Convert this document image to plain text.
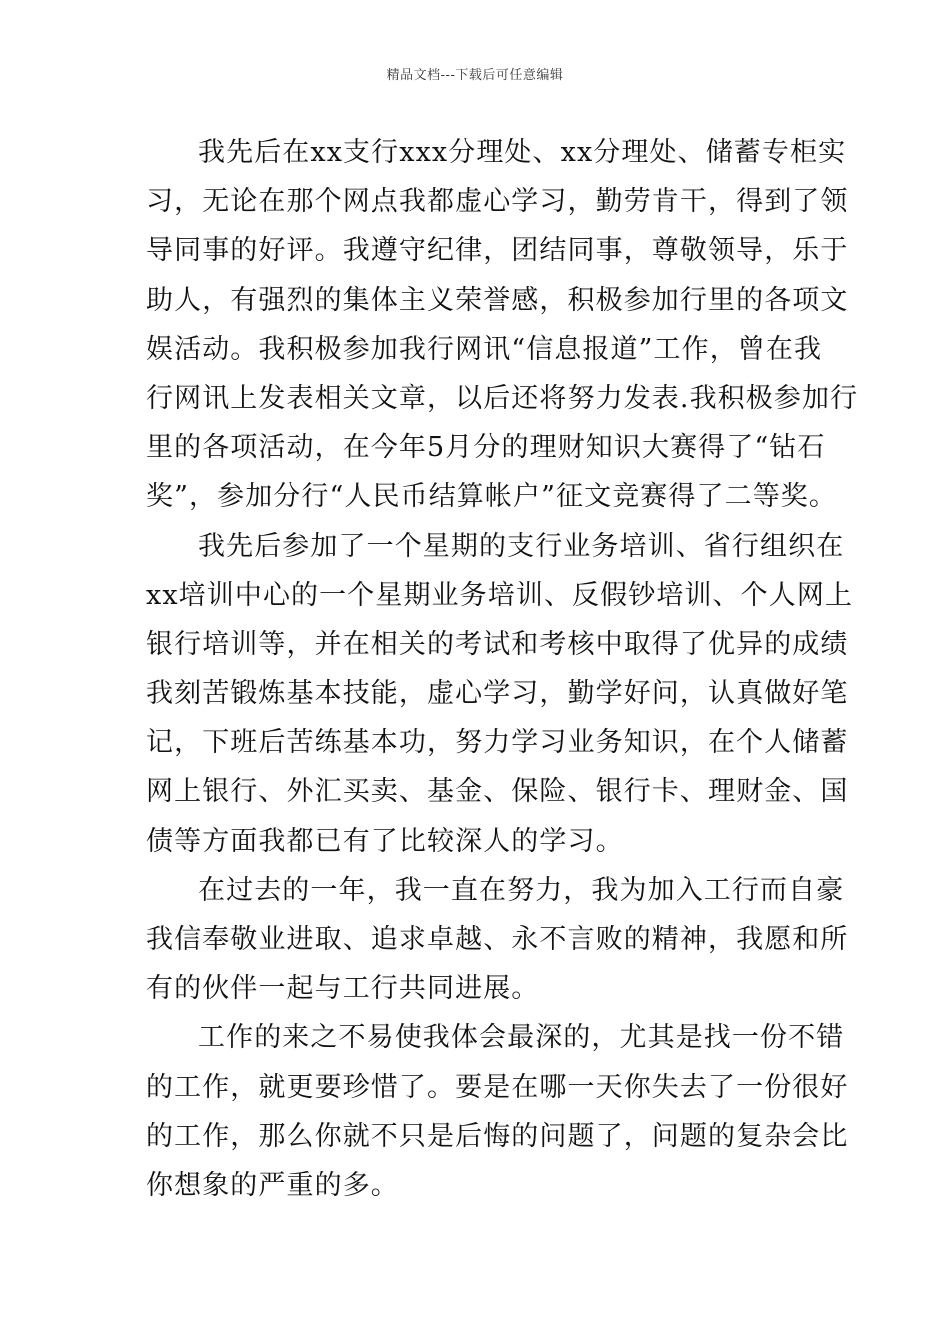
精品文档---下载后可任意编辑
我先后在xx支行xxx分理处、xx分理处、储蓄专柜实
习，无论在那个网点我都虚心学习，勤劳肯干，得到了领
导同事的好评。我遵守纪律，团结同事，尊敬领导，乐于
助人，有强烈的集体主义荣誉感，积极参加行里的各项文
娱活动。我积极参加我行网讯“信息报道”工作，曾在我
行网讯上发表相关文章，以后还将努力发表.我积极参加行
里的各项活动，在今年5月分的理财知识大赛得了“钻石
奖”，参加分行“人民币结算帐户”征文竞赛得了二等奖。
我先后参加了一个星期的支行业务培训、省行组织在
xx培训中心的一个星期业务培训、反假钞培训、个人网上
银行培训等，并在相关的考试和考核中取得了优异的成绩
我刻苦锻炼基本技能，虚心学习，勤学好问，认真做好笔
记，下班后苦练基本功，努力学习业务知识，在个人储蓄
网上银行、外汇买卖、基金、保险、银行卡、理财金、国
债等方面我都已有了比较深人的学习。
在过去的一年，我一直在努力，我为加入工行而自豪
我信奉敬业进取、追求卓越、永不言败的精神，我愿和所
有的伙伴一起与工行共同进展。
工作的来之不易使我体会最深的，尤其是找一份不错
的工作，就更要珍惜了。要是在哪一天你失去了一份很好
的工作，那么你就不只是后悔的问题了，问题的复杂会比
你想象的严重的多。
